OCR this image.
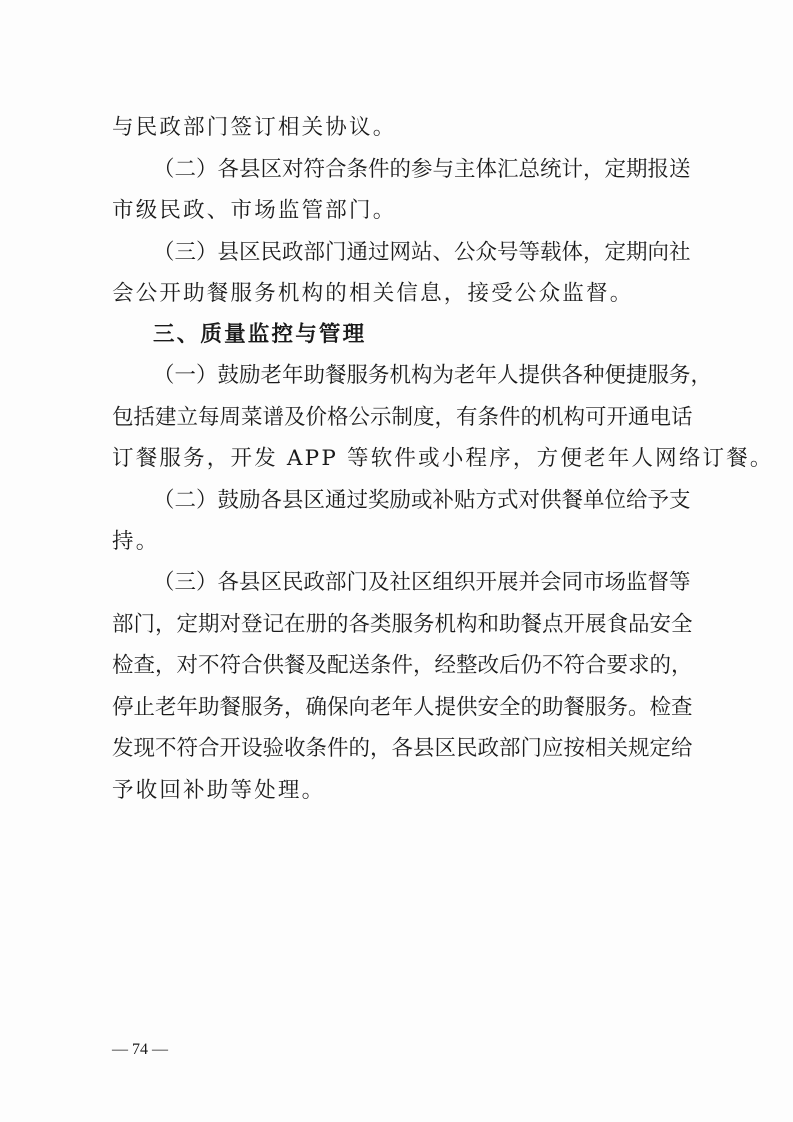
与民政部门签订相关协议。
（二）各县区对符合条件的参与主体汇总统计，定期报送
市级民政、市场监管部门。
（三）县区民政部门通过网站、公众号等载体，定期向社
会公开助餐服务机构的相关信息，接受公众监督。
三、质量监控与管理
（一）鼓励老年助餐服务机构为老年人提供各种便捷服务，
包括建立每周菜谱及价格公示制度，有条件的机构可开通电话
订餐服务，开发 APP 等软件或小程序，方便老年人网络订餐。
（二）鼓励各县区通过奖励或补贴方式对供餐单位给予支
持。
（三）各县区民政部门及社区组织开展并会同市场监督等
部门，定期对登记在册的各类服务机构和助餐点开展食品安全
检查，对不符合供餐及配送条件，经整改后仍不符合要求的，
停止老年助餐服务，确保向老年人提供安全的助餐服务。检查
发现不符合开设验收条件的，各县区民政部门应按相关规定给
予收回补助等处理。
— 74 —
